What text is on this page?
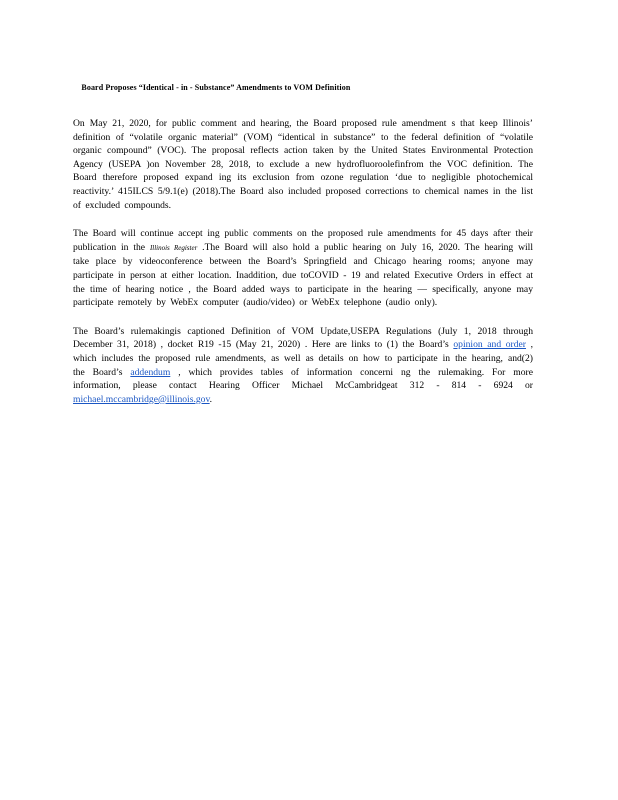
Board Proposes “Identical - in - Substance” Amendments to VOM Definition

On May 21, 2020, for public comment and hearing, the Board proposed rule amendment s that keep Illinois’ definition of “volatile organic material” (VOM) “identical in substance” to the federal definition of “volatile organic compound” (VOC). The proposal reflects action taken by the United States Environmental Protection Agency (USEPA )on November 28, 2018, to exclude a new hydrofluoroolefinfrom the VOC definition. The Board therefore proposed expand ing its exclusion from ozone regulation ‘due to negligible photochemical reactivity.’ 415ILCS 5/9.1(e) (2018).The Board also included proposed corrections to chemical names in the list of excluded compounds.

The Board will continue accept ing public comments on the proposed rule amendments for 45 days after their publication in the Illinois Register .The Board will also hold a public hearing on July 16, 2020. The hearing will take place by videoconference between the Board’s Springfield and Chicago hearing rooms; anyone may participate in person at either location. Inaddition, due toCOVID - 19 and related Executive Orders in effect at the time of hearing notice , the Board added ways to participate in the hearing — specifically, anyone may participate remotely by WebEx computer (audio/video) or WebEx telephone (audio only).

The Board’s rulemakingis captioned Definition of VOM Update,USEPA Regulations (July 1, 2018 through December 31, 2018) , docket R19 -15 (May 21, 2020) . Here are links to (1) the Board’s opinion and order , which includes the proposed rule amendments, as well as details on how to participate in the hearing, and(2) the Board’s addendum , which provides tables of information concerni ng the rulemaking. For more information, please contact Hearing Officer Michael McCambridgeat 312 - 814 - 6924 or michael.mccambridge@illinois.gov.
